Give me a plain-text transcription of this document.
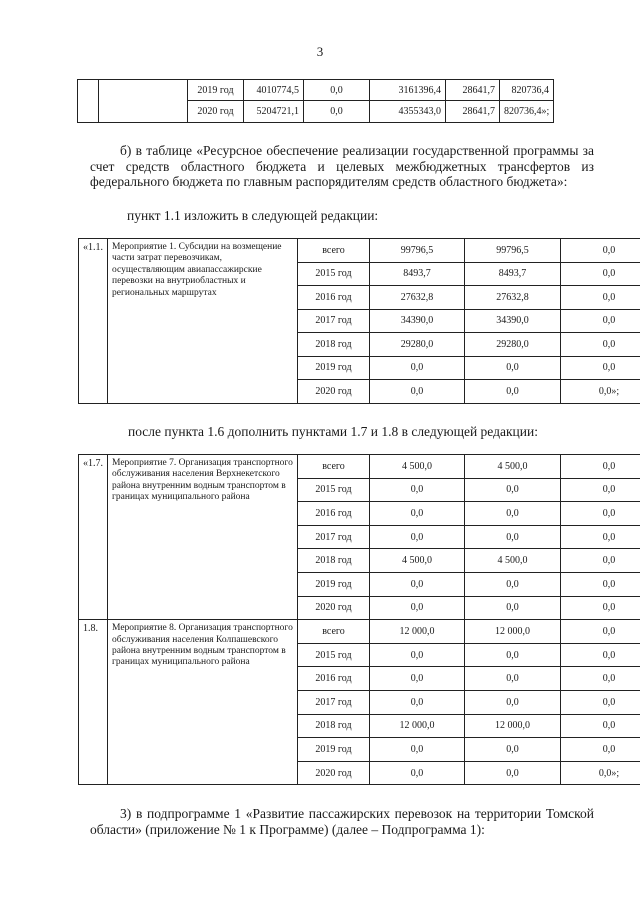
3
		2019 год	4010774,5	0,0	3161396,4	28641,7	820736,4
		2020 год	5204721,1	0,0	4355343,0	28641,7	820736,4»;
б) в таблице «Ресурсное обеспечение реализации государственной программы за счет средств областного бюджета и целевых межбюджетных трансфертов из федерального бюджета по главным распорядителям средств областного бюджета»:
пункт 1.1 изложить в следующей редакции:
«1.1.	Мероприятие 1. Субсидии на возмещение части затрат перевозчикам, осуществляющим авиапассажирские перевозки на внутриобластных и региональных маршрутах	всего	99796,5	99796,5	0,0
		2015 год	8493,7	8493,7	0,0
		2016 год	27632,8	27632,8	0,0
		2017 год	34390,0	34390,0	0,0
		2018 год	29280,0	29280,0	0,0
		2019 год	0,0	0,0	0,0
		2020 год	0,0	0,0	0,0»;
после пункта 1.6 дополнить пунктами 1.7 и 1.8 в следующей редакции:
«1.7.	Мероприятие 7. Организация транспортного обслуживания населения Верхнекетского района внутренним водным транспортом в границах муниципального района	всего	4 500,0	4 500,0	0,0
		2015 год	0,0	0,0	0,0
		2016 год	0,0	0,0	0,0
		2017 год	0,0	0,0	0,0
		2018 год	4 500,0	4 500,0	0,0
		2019 год	0,0	0,0	0,0
		2020 год	0,0	0,0	0,0
1.8.	Мероприятие 8. Организация транспортного обслуживания населения Колпашевского района внутренним водным транспортом в границах муниципального района	всего	12 000,0	12 000,0	0,0
		2015 год	0,0	0,0	0,0
		2016 год	0,0	0,0	0,0
		2017 год	0,0	0,0	0,0
		2018 год	12 000,0	12 000,0	0,0
		2019 год	0,0	0,0	0,0
		2020 год	0,0	0,0	0,0»;
3) в подпрограмме 1 «Развитие пассажирских перевозок на территории Томской области» (приложение № 1 к Программе) (далее – Подпрограмма 1):
